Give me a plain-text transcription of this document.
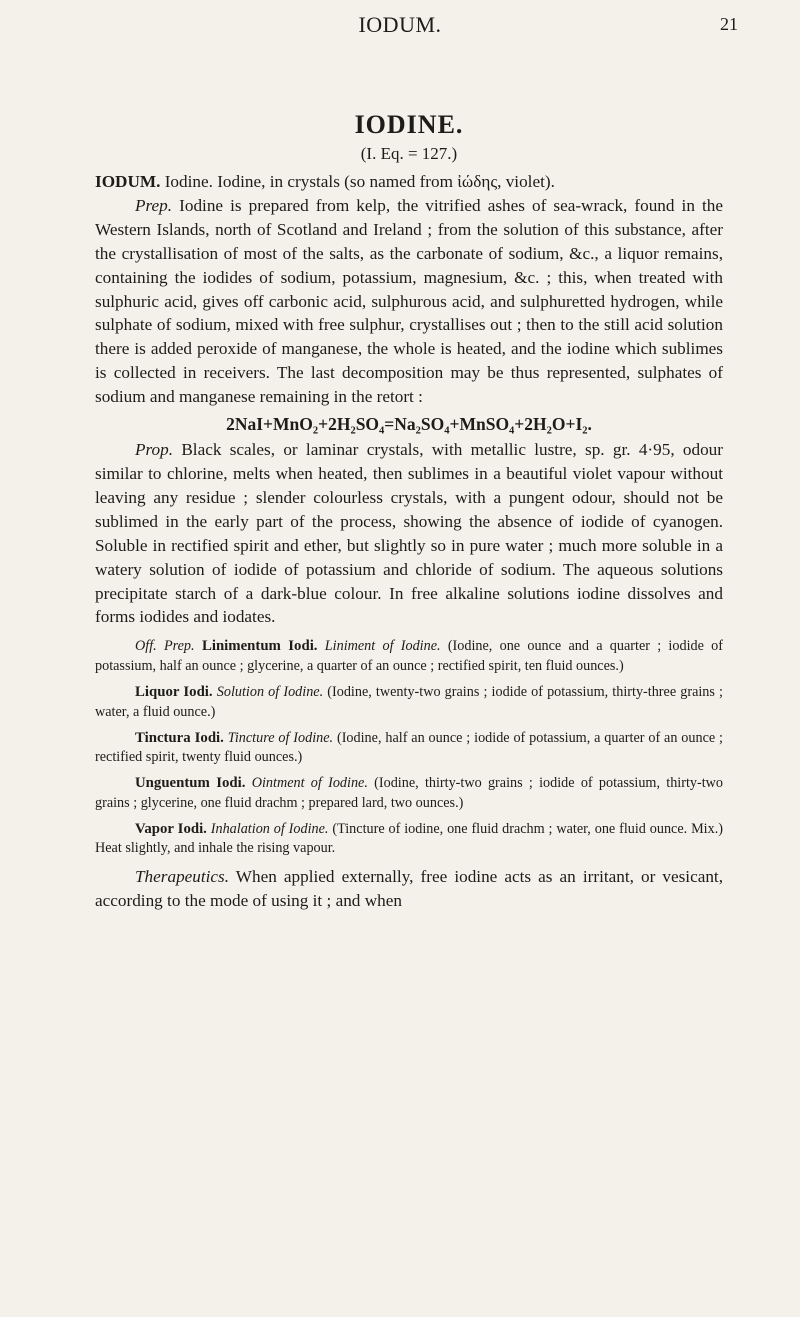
IODUM.	21
IODINE.
(I. Eq. = 127.)

IODUM. Iodine. Iodine, in crystals (so named from ἰώδης, violet).

Prep. Iodine is prepared from kelp, the vitrified ashes of sea-wrack, found in the Western Islands, north of Scotland and Ireland ; from the solution of this substance, after the crystallisation of most of the salts, as the carbonate of sodium, &c., a liquor remains, containing the iodides of sodium, potassium, magnesium, &c. ; this, when treated with sulphuric acid, gives off carbonic acid, sulphurous acid, and sulphuretted hydrogen, while sulphate of sodium, mixed with free sulphur, crystallises out ; then to the still acid solution there is added peroxide of manganese, the whole is heated, and the iodine which sublimes is collected in receivers. The last decomposition may be thus represented, sulphates of sodium and manganese remaining in the retort :

2NaI+MnO₂+2H₂SO₄=Na₂SO₄+MnSO₄+2H₂O+I₂.

Prop. Black scales, or laminar crystals, with metallic lustre, sp. gr. 4·95, odour similar to chlorine, melts when heated, then sublimes in a beautiful violet vapour without leaving any residue ; slender colourless crystals, with a pungent odour, should not be sublimed in the early part of the process, showing the absence of iodide of cyanogen. Soluble in rectified spirit and ether, but slightly so in pure water ; much more soluble in a watery solution of iodide of potassium and chloride of sodium. The aqueous solutions precipitate starch of a dark-blue colour. In free alkaline solutions iodine dissolves and forms iodides and iodates.

Off. Prep. Linimentum Iodi. Liniment of Iodine. (Iodine, one ounce and a quarter ; iodide of potassium, half an ounce ; glycerine, a quarter of an ounce ; rectified spirit, ten fluid ounces.)

Liquor Iodi. Solution of Iodine. (Iodine, twenty-two grains ; iodide of potassium, thirty-three grains ; water, a fluid ounce.)

Tinctura Iodi. Tincture of Iodine. (Iodine, half an ounce ; iodide of potassium, a quarter of an ounce ; rectified spirit, twenty fluid ounces.)

Unguentum Iodi. Ointment of Iodine. (Iodine, thirty-two grains ; iodide of potassium, thirty-two grains ; glycerine, one fluid drachm ; prepared lard, two ounces.)

Vapor Iodi. Inhalation of Iodine. (Tincture of iodine, one fluid drachm ; water, one fluid ounce. Mix.) Heat slightly, and inhale the rising vapour.

Therapeutics. When applied externally, free iodine acts as an irritant, or vesicant, according to the mode of using it ; and when
